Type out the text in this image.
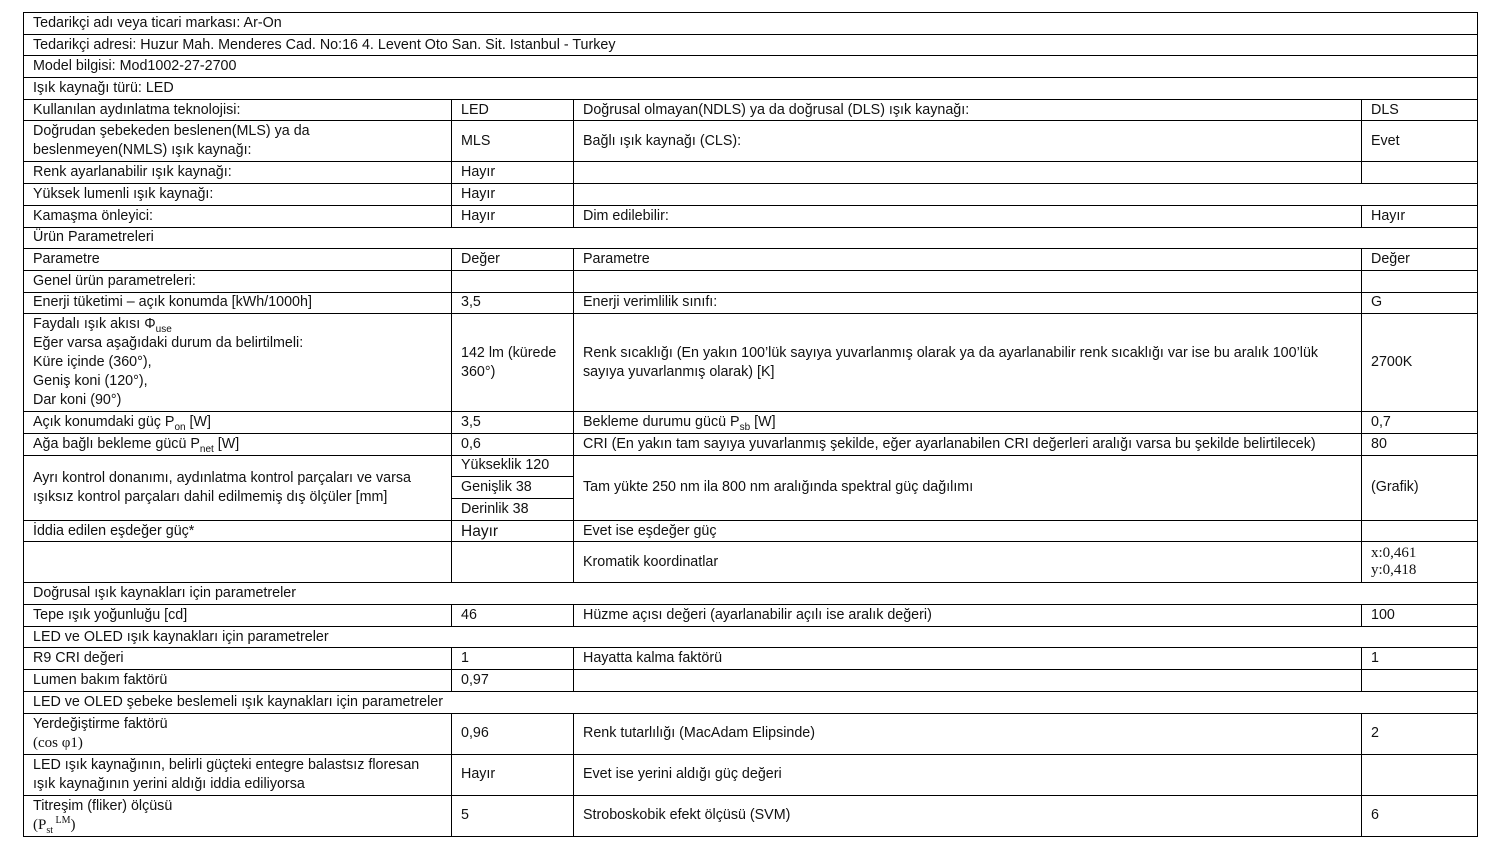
Tedarikçi adı veya ticari markası: Ar-On			
Tedarikçi adresi: Huzur Mah. Menderes Cad. No:16 4. Levent Oto San. Sit. Istanbul - Turkey			
Model bilgisi: Mod1002-27-2700			
Işık kaynağı türü: LED			
Kullanılan aydınlatma teknolojisi:	LED	Doğrusal olmayan(NDLS) ya da doğrusal (DLS) ışık kaynağı:	DLS
Doğrudan şebekeden beslenen(MLS) ya da beslenmeyen(NMLS) ışık kaynağı:	MLS	Bağlı ışık kaynağı (CLS):	Evet
Renk ayarlanabilir ışık kaynağı:	Hayır		
Yüksek lumenli ışık kaynağı:	Hayır		
Kamaşma önleyici:	Hayır	Dim edilebilir:	Hayır
Ürün Parametreleri			
Parametre	Değer	Parametre	Değer
Genel ürün parametreleri:			
Enerji tüketimi – açık konumda [kWh/1000h]	3,5	Enerji verimlilik sınıfı:	G

Faydalı ışık akısı $\Phi_{use}$
Eğer varsa aşağıdaki durum da belirtilmeli:
Küre içinde (360°),
Geniş koni (120°),
Dar koni (90°)	142 lm (kürede 360°)	Renk sıcaklığı (En yakın 100’lük sayıya yuvarlanmış olarak ya da ayarlanabilir renk sıcaklığı var ise bu aralık 100’lük sayıya yuvarlanmış olarak) [K]	2700K
Açık konumdaki güç $P_{on}$ [W]	3,5	Bekleme durumu gücü $P_{sb}$ [W]	0,7
Ağa bağlı bekleme gücü $P_{net}$ [W]	0,6	CRI (En yakın tam sayıya yuvarlanmış şekilde, eğer ayarlanabilen CRI değerleri aralığı varsa bu şekilde belirtilecek)	80
Ayrı kontrol donanımı, aydınlatma kontrol parçaları ve varsa ışıksız kontrol parçaları dahil edilmemiş dış ölçüler [mm]	Yükseklik 120	Tam yükte 250 nm ila 800 nm aralığında spektral güç dağılımı	(Grafik)
	Genişlik 38		
	Derinlik 38		
İddia edilen eşdeğer güç*	Hayır	Evet ise eşdeğer güç	
		Kromatik koordinatlar	x:0,461
y:0,418

Doğrusal ışık kaynakları için parametreler			
Tepe ışık yoğunluğu [cd]	46	Hüzme açısı değeri (ayarlanabilir açılı ise aralık değeri)	100
LED ve OLED ışık kaynakları için parametreler			
R9 CRI değeri	1	Hayatta kalma faktörü	1
Lumen bakım faktörü	0,97		
LED ve OLED şebeke beslemeli ışık kaynakları için parametreler			

Yerdeğiştirme faktörü
(cos φ1)	0,96	Renk tutarlılığı (MacAdam Elipsinde)	2
LED ışık kaynağının, belirli güçteki entegre balastsız floresan ışık kaynağının yerini aldığı iddia ediliyorsa	Hayır	Evet ise yerini aldığı güç değeri	

Titreşim (fliker) ölçüsü
($P_{st}$ $^{LM}$)	5	Stroboskobik efekt ölçüsü (SVM)	6
